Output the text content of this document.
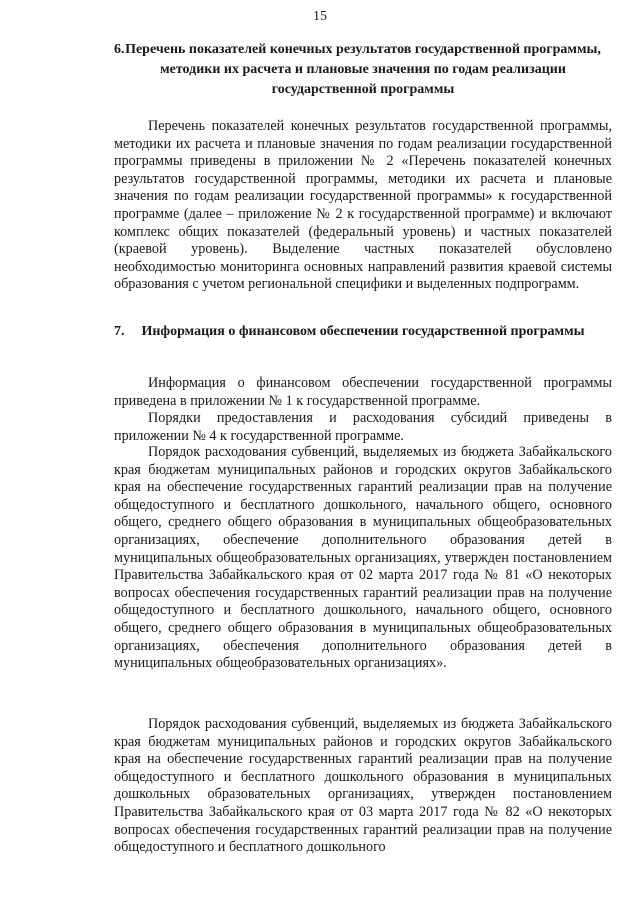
15
6. Перечень показателей конечных результатов государственной программы, методики их расчета и плановые значения по годам реализации государственной программы

Перечень показателей конечных результатов государственной программы, методики их расчета и плановые значения по годам реализации государственной программы приведены в приложении № 2 «Перечень показателей конечных результатов государственной программы, методики их расчета и плановые значения по годам реализации государственной программы» к государственной программе (далее – приложение № 2 к государственной программе) и включают комплекс общих показателей (федеральный уровень) и частных показателей (краевой уровень). Выделение частных показателей обусловлено необходимостью мониторинга основных направлений развития краевой системы образования с учетом региональной специфики и выделенных подпрограмм.

7.	Информация о финансовом обеспечении государственной программы

Информация о финансовом обеспечении государственной программы приведена в приложении № 1 к государственной программе.

Порядки предоставления и расходования субсидий приведены в приложении № 4 к государственной программе.

Порядок расходования субвенций, выделяемых из бюджета Забайкальского края бюджетам муниципальных районов и городских округов Забайкальского края на обеспечение государственных гарантий реализации прав на получение общедоступного и бесплатного дошкольного, начального общего, основного общего, среднего общего образования в муниципальных общеобразовательных организациях, обеспечение дополнительного образования детей в муниципальных общеобразовательных организациях, утвержден постановлением Правительства Забайкальского края от 02 марта 2017 года № 81 «О некоторых вопросах обеспечения государственных гарантий реализации прав на получение общедоступного и бесплатного дошкольного, начального общего, основного общего, среднего общего образования в муниципальных общеобразовательных организациях, обеспечения дополнительного образования детей в муниципальных общеобразовательных организациях».

Порядок расходования субвенций, выделяемых из бюджета Забайкальского края бюджетам муниципальных районов и городских округов Забайкальского края на обеспечение государственных гарантий реализации прав на получение общедоступного и бесплатного дошкольного образования в муниципальных дошкольных образовательных организациях, утвержден постановлением Правительства Забайкальского края от 03 марта 2017 года № 82 «О некоторых вопросах обеспечения государственных гарантий реализации прав на получение общедоступного и бесплатного дошкольного
